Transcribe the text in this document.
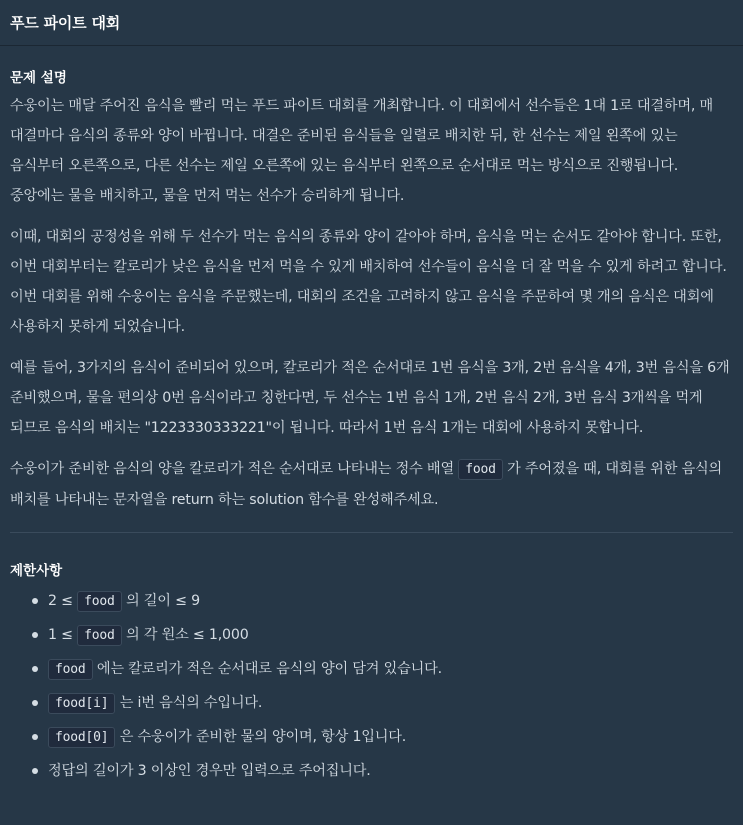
푸드 파이트 대회
문제 설명

수웅이는 매달 주어진 음식을 빨리 먹는 푸드 파이트 대회를 개최합니다. 이 대회에서 선수들은 1대 1로 대결하며, 매 대결마다 음식의 종류와 양이 바뀝니다. 대결은 준비된 음식들을 일렬로 배치한 뒤, 한 선수는 제일 왼쪽에 있는 음식부터 오른쪽으로, 다른 선수는 제일 오른쪽에 있는 음식부터 왼쪽으로 순서대로 먹는 방식으로 진행됩니다. 중앙에는 물을 배치하고, 물을 먼저 먹는 선수가 승리하게 됩니다.

이때, 대회의 공정성을 위해 두 선수가 먹는 음식의 종류와 양이 같아야 하며, 음식을 먹는 순서도 같아야 합니다. 또한, 이번 대회부터는 칼로리가 낮은 음식을 먼저 먹을 수 있게 배치하여 선수들이 음식을 더 잘 먹을 수 있게 하려고 합니다. 이번 대회를 위해 수웅이는 음식을 주문했는데, 대회의 조건을 고려하지 않고 음식을 주문하여 몇 개의 음식은 대회에 사용하지 못하게 되었습니다.

예를 들어, 3가지의 음식이 준비되어 있으며, 칼로리가 적은 순서대로 1번 음식을 3개, 2번 음식을 4개, 3번 음식을 6개 준비했으며, 물을 편의상 0번 음식이라고 칭한다면, 두 선수는 1번 음식 1개, 2번 음식 2개, 3번 음식 3개씩을 먹게 되므로 음식의 배치는 "1223330333221"이 됩니다. 따라서 1번 음식 1개는 대회에 사용하지 못합니다.

수웅이가 준비한 음식의 양을 칼로리가 적은 순서대로 나타내는 정수 배열 food 가 주어졌을 때, 대회를 위한 음식의 배치를 나타내는 문자열을 return 하는 solution 함수를 완성해주세요.

제한사항
2 ≤ food 의 길이 ≤ 9
1 ≤ food 의 각 원소 ≤ 1,000
food 에는 칼로리가 적은 순서대로 음식의 양이 담겨 있습니다.
food[i] 는 i번 음식의 수입니다.
food[0] 은 수웅이가 준비한 물의 양이며, 항상 1입니다.
정답의 길이가 3 이상인 경우만 입력으로 주어집니다.
